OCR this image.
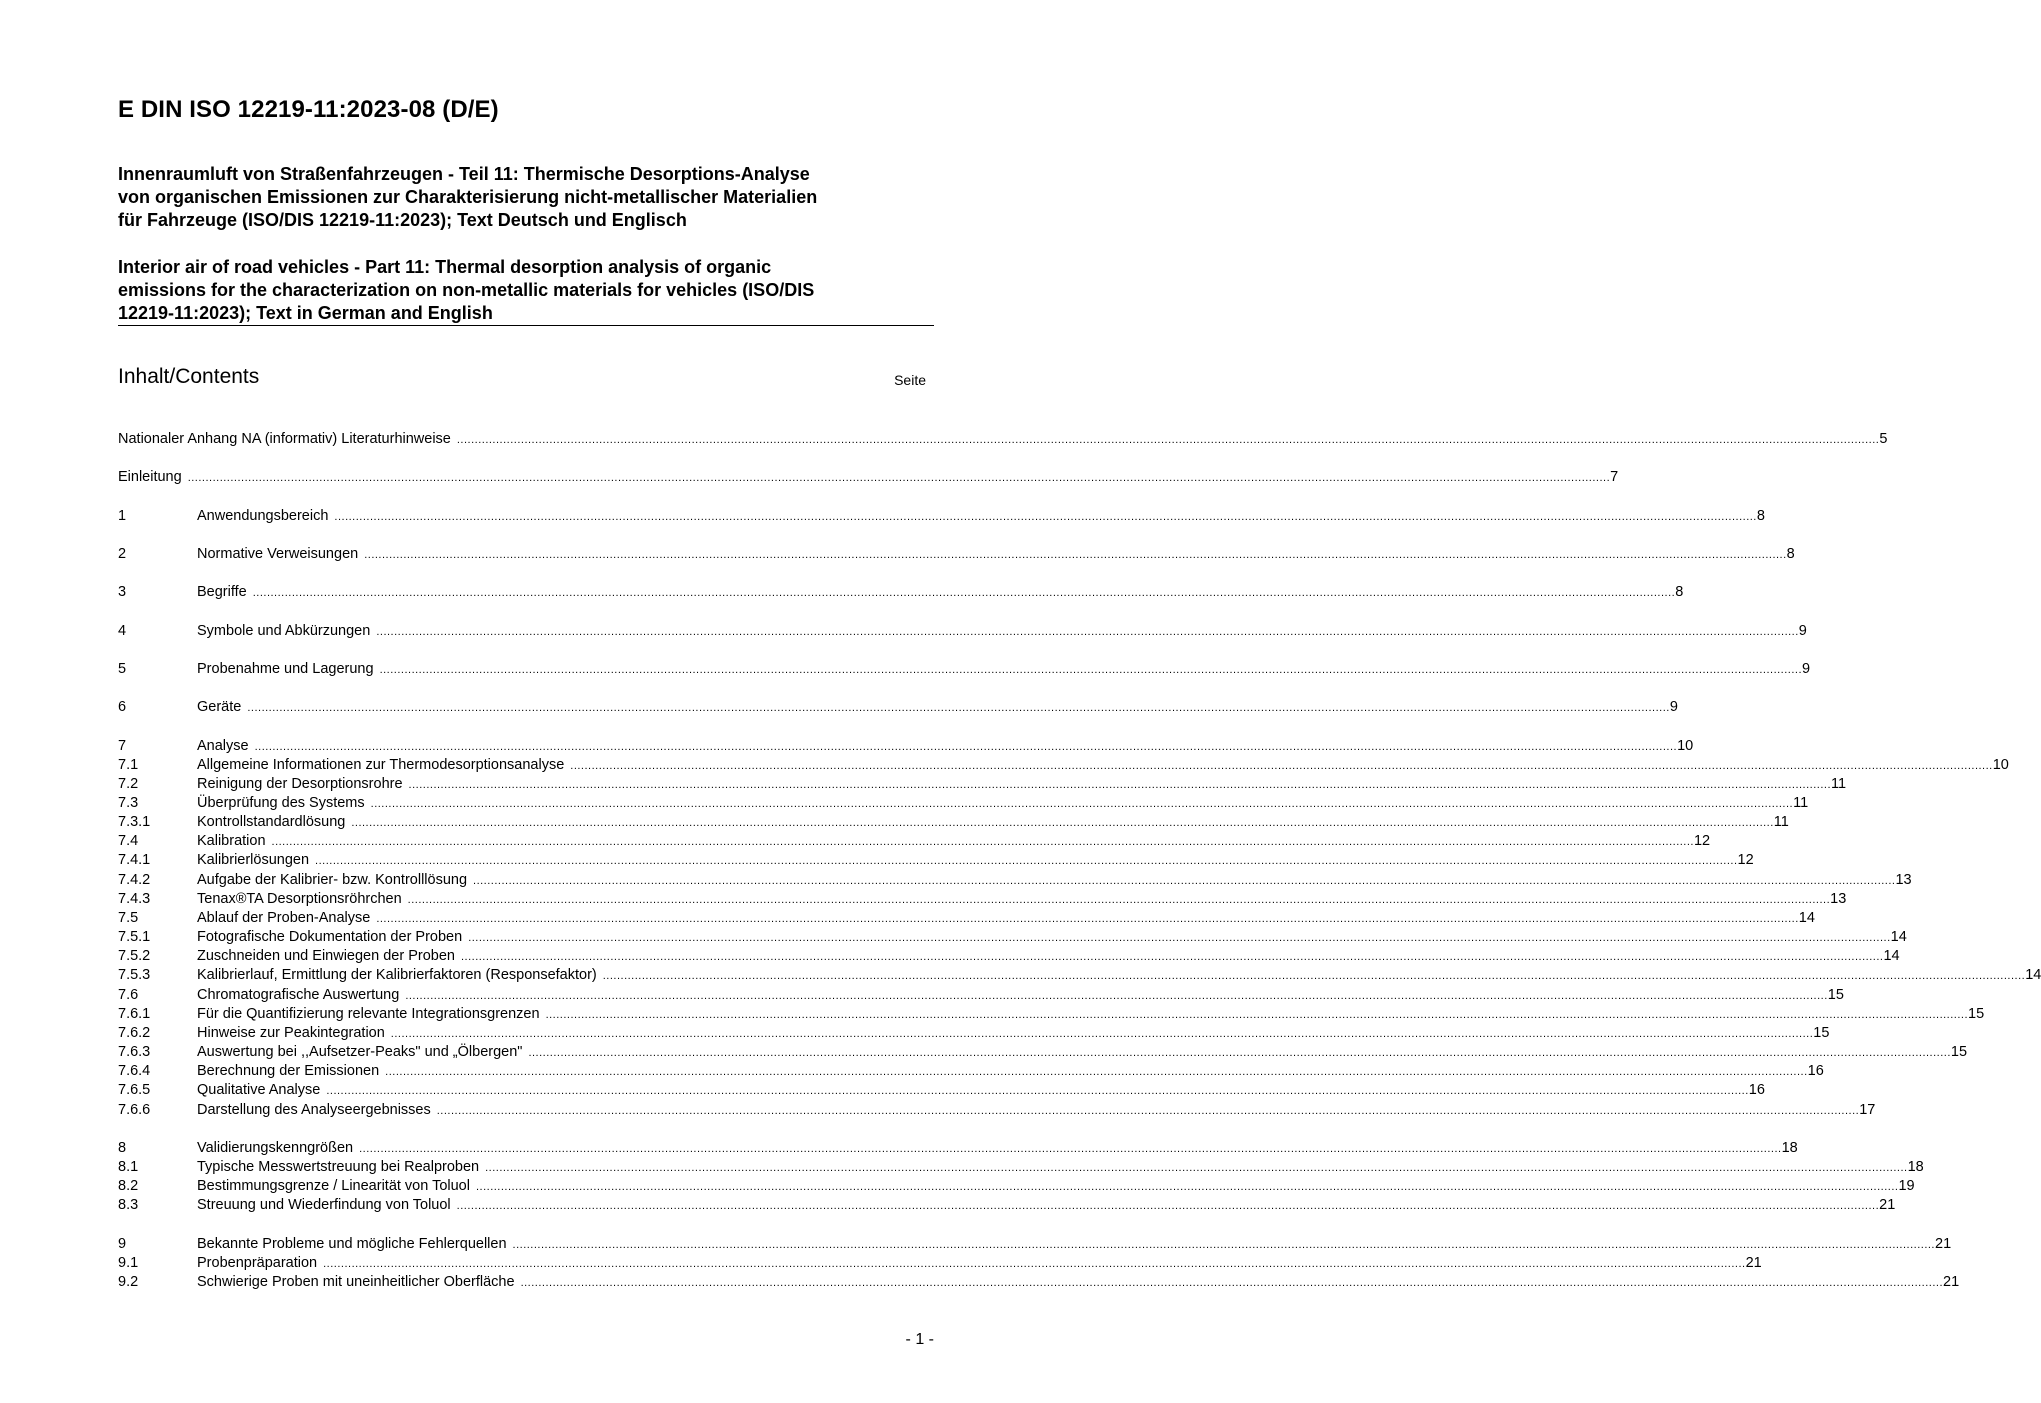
E DIN ISO 12219-11:2023-08 (D/E)
Innenraumluft von Straßenfahrzeugen - Teil 11: Thermische Desorptions-Analyse
von organischen Emissionen zur Charakterisierung nicht-metallischer Materialien
für Fahrzeuge (ISO/DIS 12219-11:2023); Text Deutsch und Englisch
Interior air of road vehicles - Part 11: Thermal desorption analysis of organic
emissions for the characterization on non-metallic materials for vehicles (ISO/DIS
12219-11:2023); Text in German and English
Inhalt/Contents	Seite
Nationaler Anhang NA (informativ) Literaturhinweise ................................................................................................................................................................................................................................................................................................................................................................................................................ 5
Einleitung ................................................................................................................................................................................................................................................................................................................................................................................................................ 7
1	Anwendungsbereich ................................................................................................................................................................................................................................................................................................................................................................................................................ 8
2	Normative Verweisungen ................................................................................................................................................................................................................................................................................................................................................................................................................ 8
3	Begriffe ................................................................................................................................................................................................................................................................................................................................................................................................................ 8
4	Symbole und Abkürzungen ................................................................................................................................................................................................................................................................................................................................................................................................................ 9
5	Probenahme und Lagerung ................................................................................................................................................................................................................................................................................................................................................................................................................ 9
6	Geräte ................................................................................................................................................................................................................................................................................................................................................................................................................ 9
7	Analyse ................................................................................................................................................................................................................................................................................................................................................................................................................ 10
7.1	Allgemeine Informationen zur Thermodesorptionsanalyse ................................................................................................................................................................................................................................................................................................................................................................................................................ 10
7.2	Reinigung der Desorptionsrohre ................................................................................................................................................................................................................................................................................................................................................................................................................ 11
7.3	Überprüfung des Systems ................................................................................................................................................................................................................................................................................................................................................................................................................ 11
7.3.1	Kontrollstandardlösung ................................................................................................................................................................................................................................................................................................................................................................................................................ 11
7.4	Kalibration ................................................................................................................................................................................................................................................................................................................................................................................................................ 12
7.4.1	Kalibrierlösungen ................................................................................................................................................................................................................................................................................................................................................................................................................ 12
7.4.2	Aufgabe der Kalibrier- bzw. Kontrolllösung ................................................................................................................................................................................................................................................................................................................................................................................................................ 13
7.4.3	Tenax®TA Desorptionsröhrchen ................................................................................................................................................................................................................................................................................................................................................................................................................ 13
7.5	Ablauf der Proben-Analyse ................................................................................................................................................................................................................................................................................................................................................................................................................ 14
7.5.1	Fotografische Dokumentation der Proben ................................................................................................................................................................................................................................................................................................................................................................................................................ 14
7.5.2	Zuschneiden und Einwiegen der Proben ................................................................................................................................................................................................................................................................................................................................................................................................................ 14
7.5.3	Kalibrierlauf, Ermittlung der Kalibrierfaktoren (Responsefaktor) ................................................................................................................................................................................................................................................................................................................................................................................................................ 14
7.6	Chromatografische Auswertung ................................................................................................................................................................................................................................................................................................................................................................................................................ 15
7.6.1	Für die Quantifizierung relevante Integrationsgrenzen ................................................................................................................................................................................................................................................................................................................................................................................................................ 15
7.6.2	Hinweise zur Peakintegration ................................................................................................................................................................................................................................................................................................................................................................................................................ 15
7.6.3	Auswertung bei ,,Aufsetzer-Peaks" und „Ölbergen" ................................................................................................................................................................................................................................................................................................................................................................................................................ 15
7.6.4	Berechnung der Emissionen ................................................................................................................................................................................................................................................................................................................................................................................................................ 16
7.6.5	Qualitative Analyse ................................................................................................................................................................................................................................................................................................................................................................................................................ 16
7.6.6	Darstellung des Analyseergebnisses ................................................................................................................................................................................................................................................................................................................................................................................................................ 17
8	Validierungskenngrößen ................................................................................................................................................................................................................................................................................................................................................................................................................ 18
8.1	Typische Messwertstreuung bei Realproben ................................................................................................................................................................................................................................................................................................................................................................................................................ 18
8.2	Bestimmungsgrenze / Linearität von Toluol ................................................................................................................................................................................................................................................................................................................................................................................................................ 19
8.3	Streuung und Wiederfindung von Toluol ................................................................................................................................................................................................................................................................................................................................................................................................................ 21
9	Bekannte Probleme und mögliche Fehlerquellen ................................................................................................................................................................................................................................................................................................................................................................................................................ 21
9.1	Probenpräparation ................................................................................................................................................................................................................................................................................................................................................................................................................ 21
9.2	Schwierige Proben mit uneinheitlicher Oberfläche ................................................................................................................................................................................................................................................................................................................................................................................................................ 21
- 1 -
